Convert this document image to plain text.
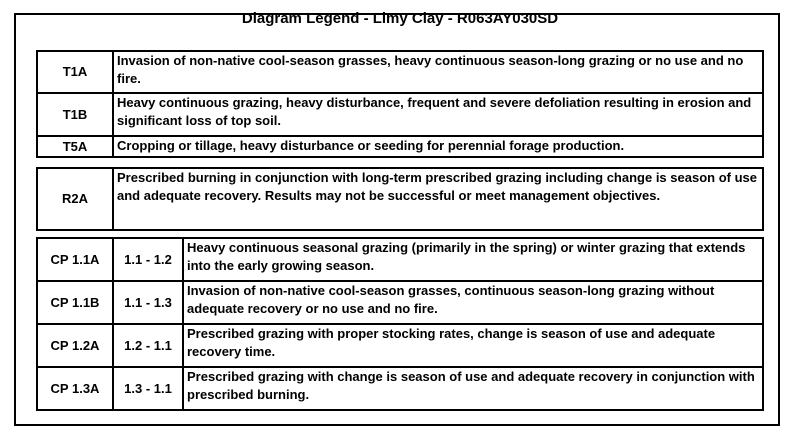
Diagram Legend - Limy Clay - R063AY030SD
T1A	Invasion of non-native cool-season grasses, heavy continuous season-long grazing or no use and no fire.
T1B	Heavy continuous grazing, heavy disturbance, frequent and severe defoliation resulting in erosion and significant loss of top soil.
T5A	Cropping or tillage, heavy disturbance or seeding for perennial forage production.
R2A	Prescribed burning in conjunction with long-term prescribed grazing including change is season of use and adequate recovery. Results may not be successful or meet management objectives.
CP 1.1A	1.1 - 1.2	Heavy continuous seasonal grazing (primarily in the spring) or winter grazing that extends into the early growing season.
CP 1.1B	1.1 - 1.3	Invasion of non-native cool-season grasses, continuous season-long grazing without adequate recovery or no use and no fire.
CP 1.2A	1.2 - 1.1	Prescribed grazing with proper stocking rates, change is season of use and adequate recovery time.
CP 1.3A	1.3 - 1.1	Prescribed grazing with change is season of use and adequate recovery in conjunction with prescribed burning.
